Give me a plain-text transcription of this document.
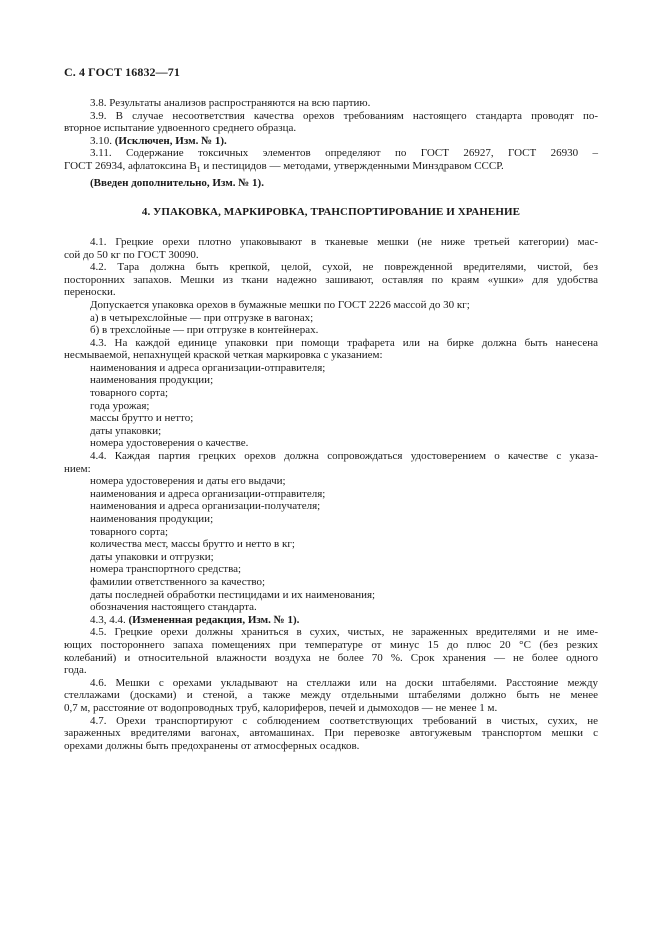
С. 4 ГОСТ 16832—71

3.8. Результаты анализов распространяются на всю партию.

3.9. В случае несоответствия качества орехов требованиям настоящего стандарта проводят по-

вторное испытание удвоенного среднего образца.

3.10. (Исключен, Изм. № 1).

3.11. Содержание токсичных элементов определяют по ГОСТ 26927, ГОСТ 26930 –

ГОСТ 26934, афлатоксина $B_1$ и пестицидов — методами, утвержденными Минздравом СССР.

(Введен дополнительно, Изм. № 1).

4. УПАКОВКА, МАРКИРОВКА, ТРАНСПОРТИРОВАНИЕ И ХРАНЕНИЕ

4.1. Грецкие орехи плотно упаковывают в тканевые мешки (не ниже третьей категории) мас-

сой до 50 кг по ГОСТ 30090.

4.2. Тара должна быть крепкой, целой, сухой, не поврежденной вредителями, чистой, без

посторонних запахов. Мешки из ткани надежно зашивают, оставляя по краям «ушки» для удобства

переноски.

Допускается упаковка орехов в бумажные мешки по ГОСТ 2226 массой до 30 кг;

а) в четырехслойные — при отгрузке в вагонах;

б) в трехслойные — при отгрузке в контейнерах.

4.3. На каждой единице упаковки при помощи трафарета или на бирке должна быть нанесена

несмываемой, непахнущей краской четкая маркировка с указанием:

наименования и адреса организации-отправителя;

наименования продукции;

товарного сорта;

года урожая;

массы брутто и нетто;

даты упаковки;

номера удостоверения о качестве.

4.4. Каждая партия грецких орехов должна сопровождаться удостоверением о качестве с указа-

нием:

номера удостоверения и даты его выдачи;

наименования и адреса организации-отправителя;

наименования и адреса организации-получателя;

наименования продукции;

товарного сорта;

количества мест, массы брутто и нетто в кг;

даты упаковки и отгрузки;

номера транспортного средства;

фамилии ответственного за качество;

даты последней обработки пестицидами и их наименования;

обозначения настоящего стандарта.

4.3, 4.4. (Измененная редакция, Изм. № 1).

4.5. Грецкие орехи должны храниться в сухих, чистых, не зараженных вредителями и не име-

ющих постороннего запаха помещениях при температуре от минус 15 до плюс 20 °С (без резких

колебаний) и относительной влажности воздуха не более 70 %. Срок хранения — не более одного

года.

4.6. Мешки с орехами укладывают на стеллажи или на доски штабелями. Расстояние между

стеллажами (досками) и стеной, а также между отдельными штабелями должно быть не менее

0,7 м, расстояние от водопроводных труб, калориферов, печей и дымоходов — не менее 1 м.

4.7. Орехи транспортируют с соблюдением соответствующих требований в чистых, сухих, не

зараженных вредителями вагонах, автомашинах. При перевозке автогужевым транспортом мешки с

орехами должны быть предохранены от атмосферных осадков.
